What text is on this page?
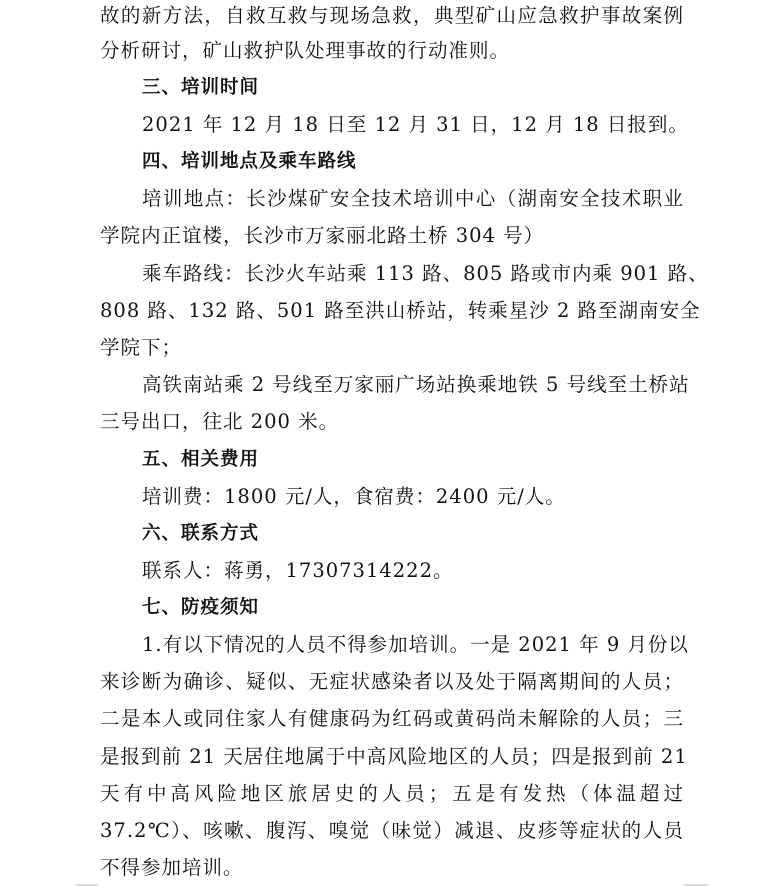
故的新方法，自救互救与现场急救，典型矿山应急救护事故案例
分析研讨，矿山救护队处理事故的行动准则。
三、培训时间
2021 年 12 月 18 日至 12 月 31 日，12 月 18 日报到。
四、培训地点及乘车路线
培训地点：长沙煤矿安全技术培训中心（湖南安全技术职业
学院内正谊楼，长沙市万家丽北路土桥 304 号）
乘车路线：长沙火车站乘 113 路、805 路或市内乘 901 路、
808 路、132 路、501 路至洪山桥站，转乘星沙 2 路至湖南安全
学院下；
高铁南站乘 2 号线至万家丽广场站换乘地铁 5 号线至土桥站
三号出口，往北 200 米。
五、相关费用
培训费：1800 元/人，食宿费：2400 元/人。
六、联系方式
联系人：蒋勇，17307314222。
七、防疫须知
1.有以下情况的人员不得参加培训。一是 2021 年 9 月份以
来诊断为确诊、疑似、无症状感染者以及处于隔离期间的人员；
二是本人或同住家人有健康码为红码或黄码尚未解除的人员；三
是报到前 21 天居住地属于中高风险地区的人员；四是报到前 21
天有中高风险地区旅居史的人员；五是有发热（体温超过
37.2℃）、咳嗽、腹泻、嗅觉（味觉）减退、皮疹等症状的人员
不得参加培训。
